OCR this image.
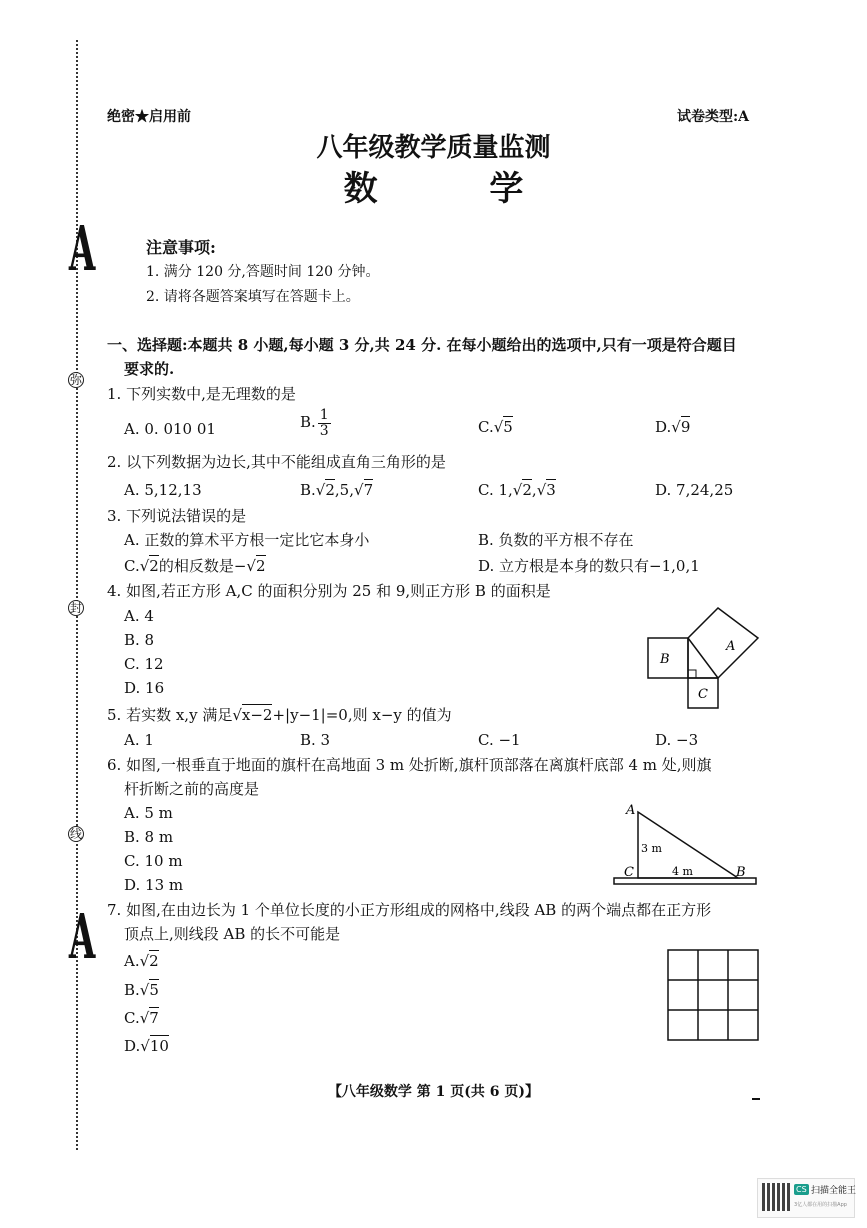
A
A
弥
封
线
绝密★启用前	试卷类型:A
八年级教学质量监测
数 学
注意事项:
1. 满分 120 分,答题时间 120 分钟。
2. 请将各题答案填写在答题卡上。
一、选择题:本题共 8 小题,每小题 3 分,共 24 分. 在每小题给出的选项中,只有一项是符合题目
要求的.
1. 下列实数中,是无理数的是
A. 0. 010 01	B. $\frac{1}{3}$	C.√5	D.√9
2. 以下列数据为边长,其中不能组成直角三角形的是
A. 5,12,13	B.√2,5,√7	C. 1,√2,√3	D. 7,24,25
3. 下列说法错误的是
A. 正数的算术平方根一定比它本身小	B. 负数的平方根不存在
C.√2的相反数是−√2	D. 立方根是本身的数只有−1,0,1
4. 如图,若正方形 A,C 的面积分别为 25 和 9,则正方形 B 的面积是
A. 4
B. 8
C. 12
D. 16
B
A
C
5. 若实数 x,y 满足√x−2+|y−1|=0,则 x−y 的值为
A. 1	B. 3	C. −1	D. −3
6. 如图,一根垂直于地面的旗杆在高地面 3 m 处折断,旗杆顶部落在离旗杆底部 4 m 处,则旗
杆折断之前的高度是
A. 5 m
B. 8 m
C. 10 m
D. 13 m
A
C	B
3 m
4 m
7. 如图,在由边长为 1 个单位长度的小正方形组成的网格中,线段 AB 的两个端点都在正方形
顶点上,则线段 AB 的长不可能是
A.√2
B.√5
C.√7
D.√10
【八年级数学 第 1 页(共 6 页)】
CS 扫描全能王
3亿人都在用的扫描App
